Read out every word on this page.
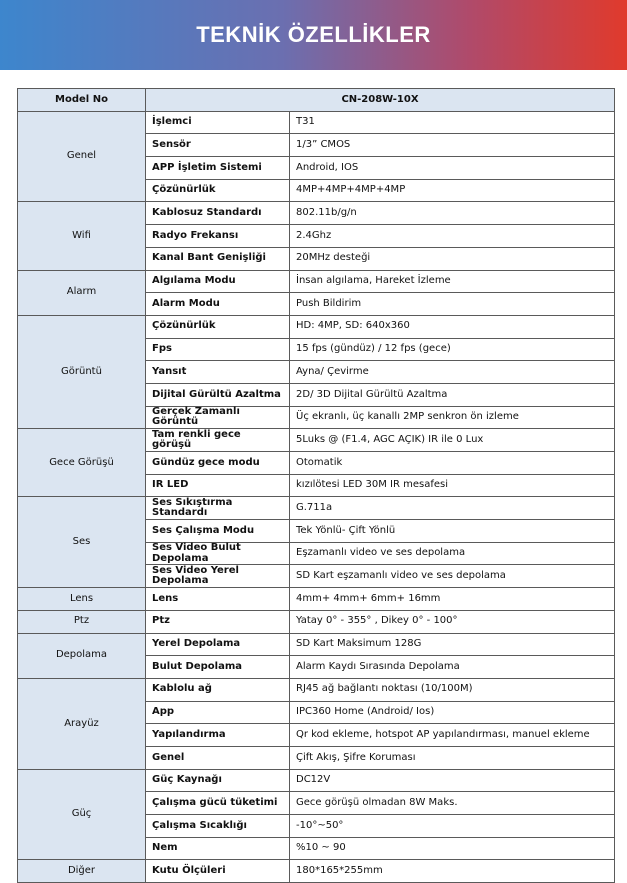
TEKNİK ÖZELLİKLER
Model No	CN-208W-10X	
Genel	İşlemci	T31
	Sensör	1/3” CMOS
	APP İşletim Sistemi	Android, IOS
	Çözünürlük	4MP+4MP+4MP+4MP
Wifi	Kablosuz Standardı	802.11b/g/n
	Radyo Frekansı	2.4Ghz
	Kanal Bant Genişliği	20MHz desteği
Alarm	Algılama Modu	İnsan algılama, Hareket İzleme
	Alarm Modu	Push Bildirim
Görüntü	Çözünürlük	HD: 4MP, SD: 640x360
	Fps	15 fps (gündüz) / 12 fps (gece)
	Yansıt	Ayna/ Çevirme
	Dijital Gürültü Azaltma	2D/ 3D Dijital Gürültü Azaltma
	Gerçek Zamanlı Görüntü	Üç ekranlı, üç kanallı 2MP senkron ön izleme
Gece Görüşü	Tam renkli gece görüşü	5Luks @ (F1.4, AGC AÇIK) IR ile 0 Lux
	Gündüz gece modu	Otomatik
	IR LED	kızılötesi LED 30M IR mesafesi
Ses	Ses Sıkıştırma Standardı	G.711a
	Ses Çalışma Modu	Tek Yönlü- Çift Yönlü
	Ses Video Bulut Depolama	Eşzamanlı video ve ses depolama
	Ses Video Yerel Depolama	SD Kart eşzamanlı video ve ses depolama
Lens	Lens	4mm+ 4mm+ 6mm+ 16mm
Ptz	Ptz	Yatay 0° - 355° , Dikey 0° - 100°
Depolama	Yerel Depolama	SD Kart Maksimum 128G
	Bulut Depolama	Alarm Kaydı Sırasında Depolama
Arayüz	Kablolu ağ	RJ45 ağ bağlantı noktası (10/100M)
	App	IPC360 Home (Android/ Ios)
	Yapılandırma	Qr kod ekleme, hotspot AP yapılandırması, manuel ekleme
	Genel	Çift Akış, Şifre Koruması
Güç	Güç Kaynağı	DC12V
	Çalışma gücü tüketimi	Gece görüşü olmadan 8W Maks.
	Çalışma Sıcaklığı	-10°~50°
	Nem	%10 ~ 90
Diğer	Kutu Ölçüleri	180*165*255mm
